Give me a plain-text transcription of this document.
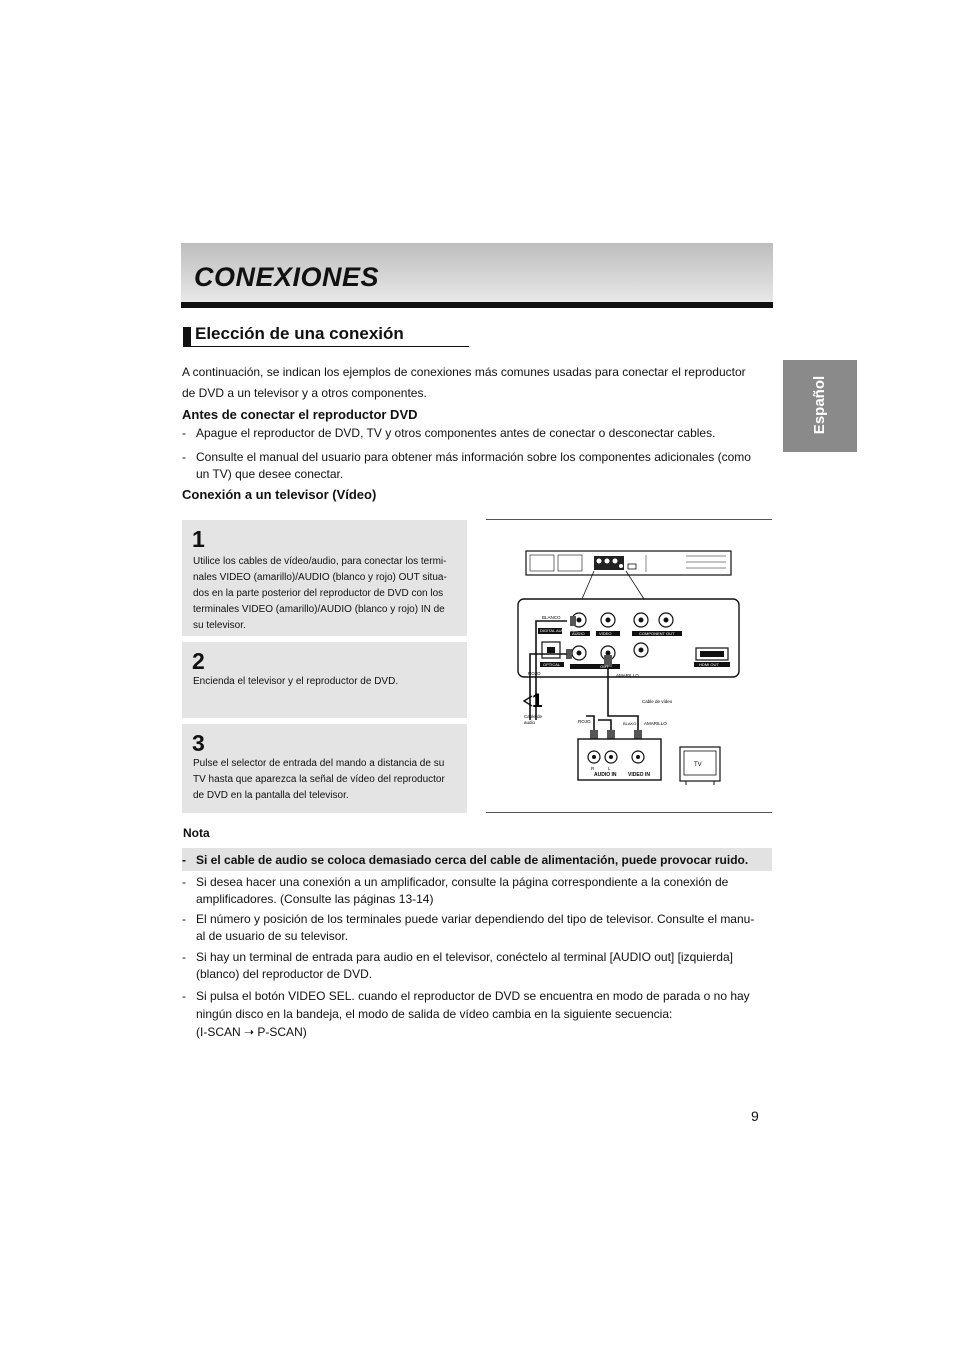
CONEXIONES
Elección de una conexión
Español
A continuación, se indican los ejemplos de conexiones más comunes usadas para conectar el reproductor
de DVD a un televisor y a otros componentes.
Antes de conectar el reproductor DVD
- Apague el reproductor de DVD, TV y otros componentes antes de conectar o desconectar cables.
- Consulte el manual del usuario para obtener más información sobre los componentes adicionales (como
un TV) que desee conectar.
Conexión a un televisor (Vídeo)
1
Utilice los cables de vídeo/audio, para conectar los termi-
nales VIDEO (amarillo)/AUDIO (blanco y rojo) OUT situa-
dos en la parte posterior del reproductor de DVD con los
terminales VIDEO (amarillo)/AUDIO (blanco y rojo) IN de
su televisor.
2
Encienda el televisor y el reproductor de DVD.
3
Pulse el selector de entrada del mando a distancia de su
TV hasta que aparezca la señal de vídeo del reproductor
de DVD en la pantalla del televisor.
BLANCO
DIGITAL AUDIO OUT
AUDIO	VIDEO	COMPONENT OUT
OPTICAL	OUT	HDMI OUT
ROJO	AMARILLO
1	Cable de vídeo
Cable de
audio	ROJO	BLAKO AMARILLO
R	L
AUDIO IN VIDEO IN
TV
Nota
- Si el cable de audio se coloca demasiado cerca del cable de alimentación, puede provocar ruido.
- Si desea hacer una conexión a un amplificador, consulte la página correspondiente a la conexión de
amplificadores. (Consulte las páginas 13-14)
- El número y posición de los terminales puede variar dependiendo del tipo de televisor. Consulte el manu-
al de usuario de su televisor.
- Si hay un terminal de entrada para audio en el televisor, conéctelo al terminal [AUDIO out] [izquierda]
(blanco) del reproductor de DVD.
- Si pulsa el botón VIDEO SEL. cuando el reproductor de DVD se encuentra en modo de parada o no hay
ningún disco en la bandeja, el modo de salida de vídeo cambia en la siguiente secuencia:
(I-SCAN ➝ P-SCAN)
9
